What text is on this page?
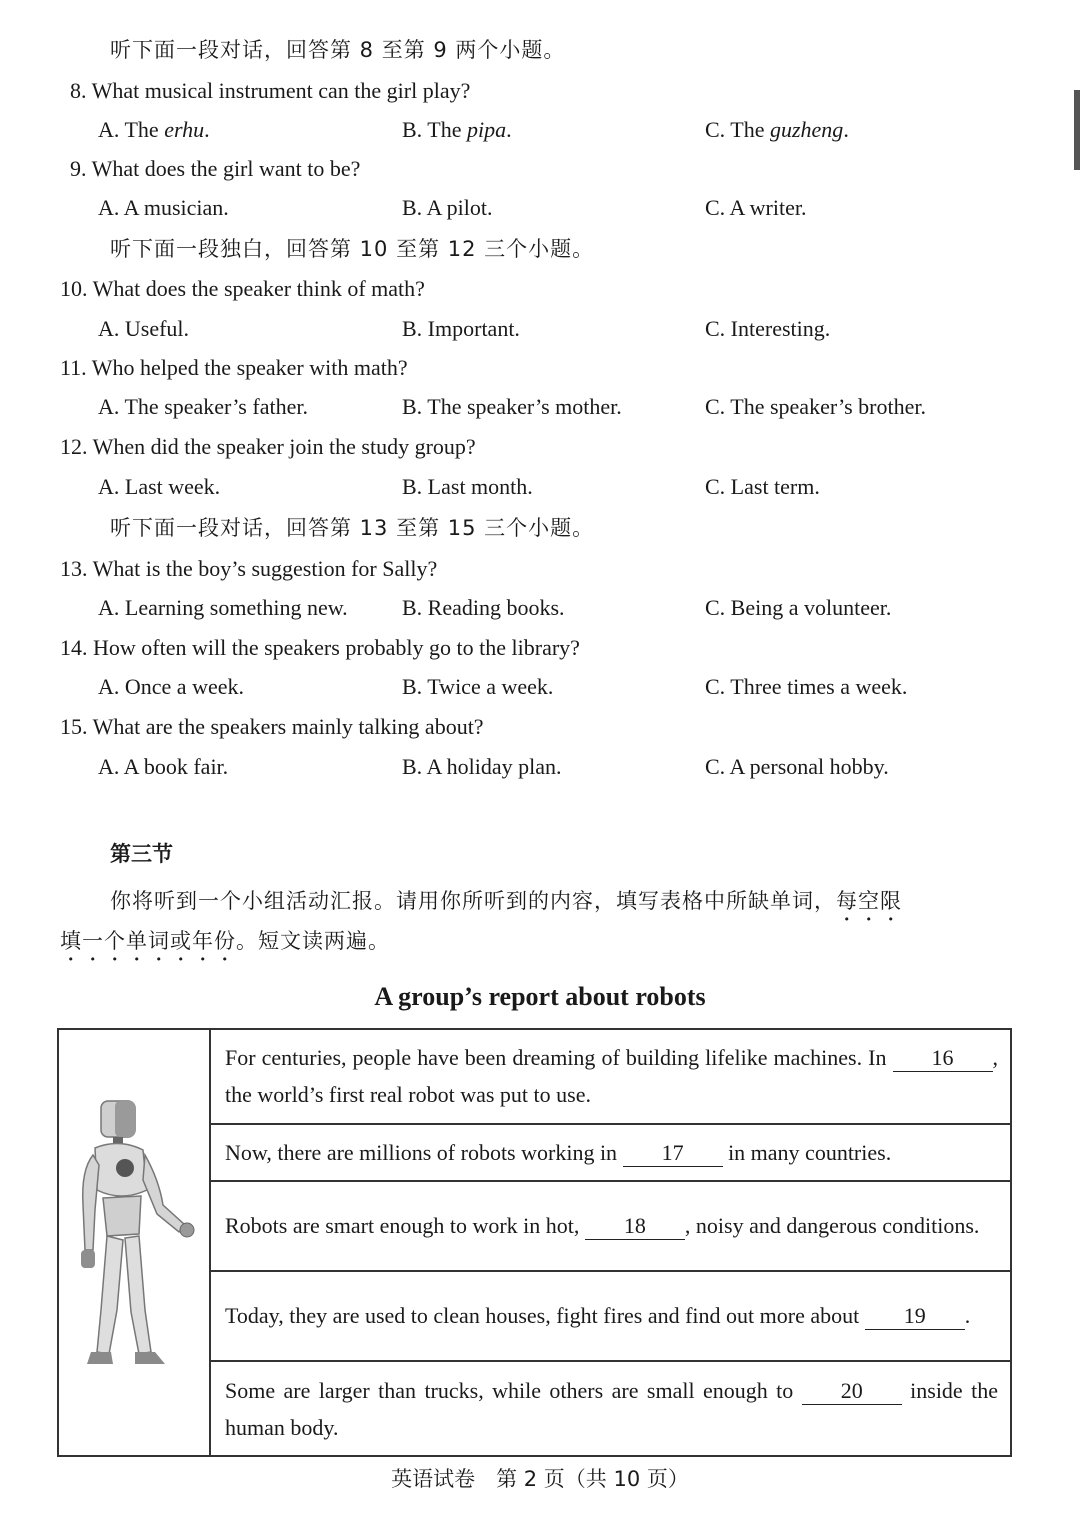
听下面一段对话，回答第 8 至第 9 两个小题。
8. What musical instrument can the girl play?
A. The erhu.	B. The pipa.	C. The guzheng.
9. What does the girl want to be?
A. A musician.	B. A pilot.	C. A writer.
听下面一段独白，回答第 10 至第 12 三个小题。
10. What does the speaker think of math?
A. Useful.	B. Important.	C. Interesting.
11. Who helped the speaker with math?
A. The speaker’s father.	B. The speaker’s mother.	C. The speaker’s brother.
12. When did the speaker join the study group?
A. Last week.	B. Last month.	C. Last term.
听下面一段对话，回答第 13 至第 15 三个小题。
13. What is the boy’s suggestion for Sally?
A. Learning something new. B. Reading books.	C. Being a volunteer.
14. How often will the speakers probably go to the library?
A. Once a week.	B. Twice a week.	C. Three times a week.
15. What are the speakers mainly talking about?
A. A book fair.	B. A holiday plan.	C. A personal hobby.
第三节
你将听到一个小组活动汇报。请用你所听到的内容，填写表格中所缺单词，每空限
填一个单词或年份。短文读两遍。
A group’s report about robots
	For centuries, people have been dreaming of building lifelike machines. In 16 , the world’s first real robot was put to use.
Now, there are millions of robots working in 17 in many countries.
Robots are smart enough to work in hot, 18 , noisy and dangerous conditions.
Today, they are used to clean houses, fight fires and find out more about 19 .
Some are larger than trucks, while others are small enough to 20 inside the human body.
英语试卷　第 2 页（共 10 页）
